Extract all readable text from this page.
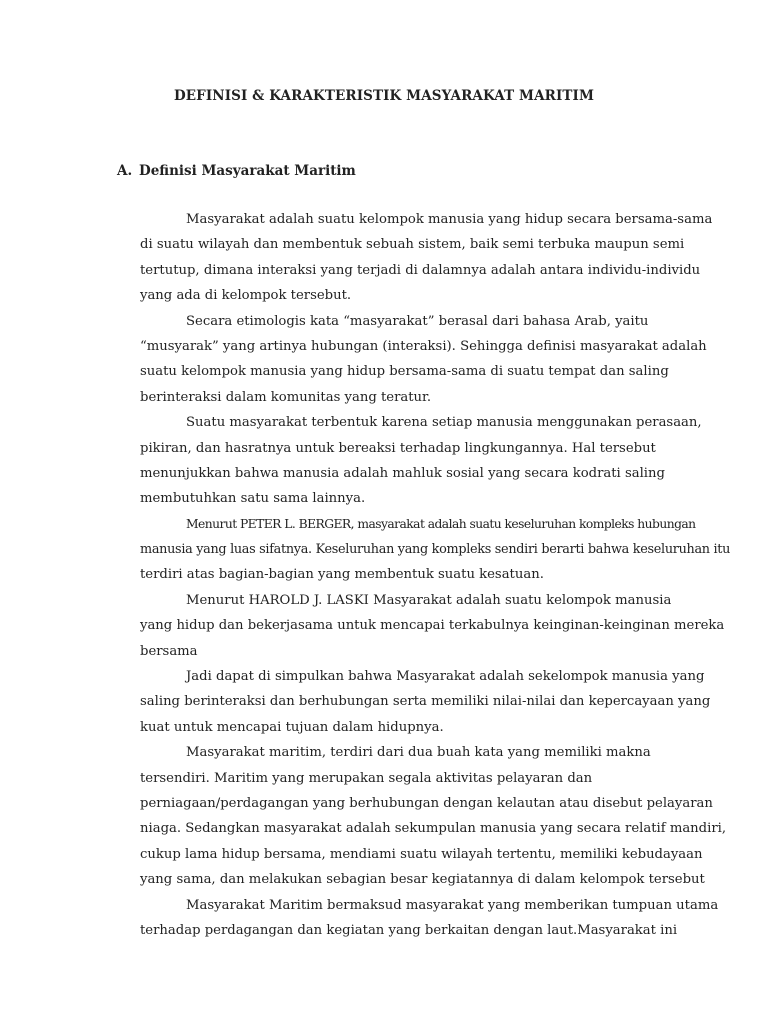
DEFINISI & KARAKTERISTIK MASYARAKAT MARITIM
A. Definisi Masyarakat Maritim
Masyarakat adalah suatu kelompok manusia yang hidup secara bersama-sama
di suatu wilayah dan membentuk sebuah sistem, baik semi terbuka maupun semi
tertutup, dimana interaksi yang terjadi di dalamnya adalah antara individu-individu
yang ada di kelompok tersebut.
Secara etimologis kata “masyarakat” berasal dari bahasa Arab, yaitu
“musyarak” yang artinya hubungan (interaksi). Sehingga definisi masyarakat adalah
suatu kelompok manusia yang hidup bersama-sama di suatu tempat dan saling
berinteraksi dalam komunitas yang teratur.
Suatu masyarakat terbentuk karena setiap manusia menggunakan perasaan,
pikiran, dan hasratnya untuk bereaksi terhadap lingkungannya. Hal tersebut
menunjukkan bahwa manusia adalah mahluk sosial yang secara kodrati saling
membutuhkan satu sama lainnya.
Menurut PETER L. BERGER, masyarakat adalah suatu keseluruhan kompleks hubungan
manusia yang luas sifatnya. Keseluruhan yang kompleks sendiri berarti bahwa keseluruhan itu
terdiri atas bagian-bagian yang membentuk suatu kesatuan.
Menurut HAROLD J. LASKI Masyarakat adalah suatu kelompok manusia
yang hidup dan bekerjasama untuk mencapai terkabulnya keinginan-keinginan mereka
bersama
Jadi dapat di simpulkan bahwa Masyarakat adalah sekelompok manusia yang
saling berinteraksi dan berhubungan serta memiliki nilai-nilai dan kepercayaan yang
kuat untuk mencapai tujuan dalam hidupnya.
Masyarakat maritim, terdiri dari dua buah kata yang memiliki makna
tersendiri. Maritim yang merupakan segala aktivitas pelayaran dan
perniagaan/perdagangan yang berhubungan dengan kelautan atau disebut pelayaran
niaga. Sedangkan masyarakat adalah sekumpulan manusia yang secara relatif mandiri,
cukup lama hidup bersama, mendiami suatu wilayah tertentu, memiliki kebudayaan
yang sama, dan melakukan sebagian besar kegiatannya di dalam kelompok tersebut
Masyarakat Maritim bermaksud masyarakat yang memberikan tumpuan utama
terhadap perdagangan dan kegiatan yang berkaitan dengan laut.Masyarakat ini
